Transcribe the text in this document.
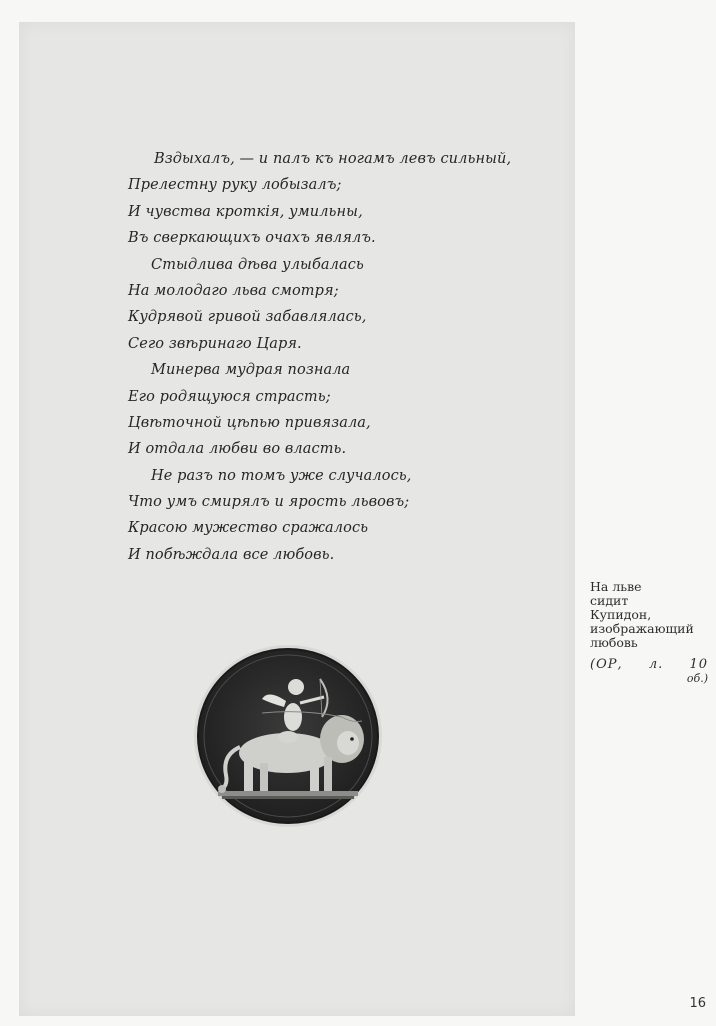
Вздыхалъ, — и палъ къ ногамъ левъ сильный,
Прелестну руку лобызалъ;
И чувства кроткія, умильны,
Въ сверкающихъ очахъ являлъ.
Стыдлива дѣва улыбалась
На молодаго льва смотря;
Кудрявой гривой забавлялась,
Сего звѣринаго Царя.
Минерва мудрая познала
Его родящуюся страсть;
Цвѣточной цѣпью привязала,
И отдала любви во власть.
Не разъ по томъ уже случалось,
Что умъ смирялъ и ярость львовъ;
Красою мужество сражалось
И побѣждала все любовь.
На льве
сидит
Купидон,
изображающий
любовь
(ОР, л. 10
об.)
16
